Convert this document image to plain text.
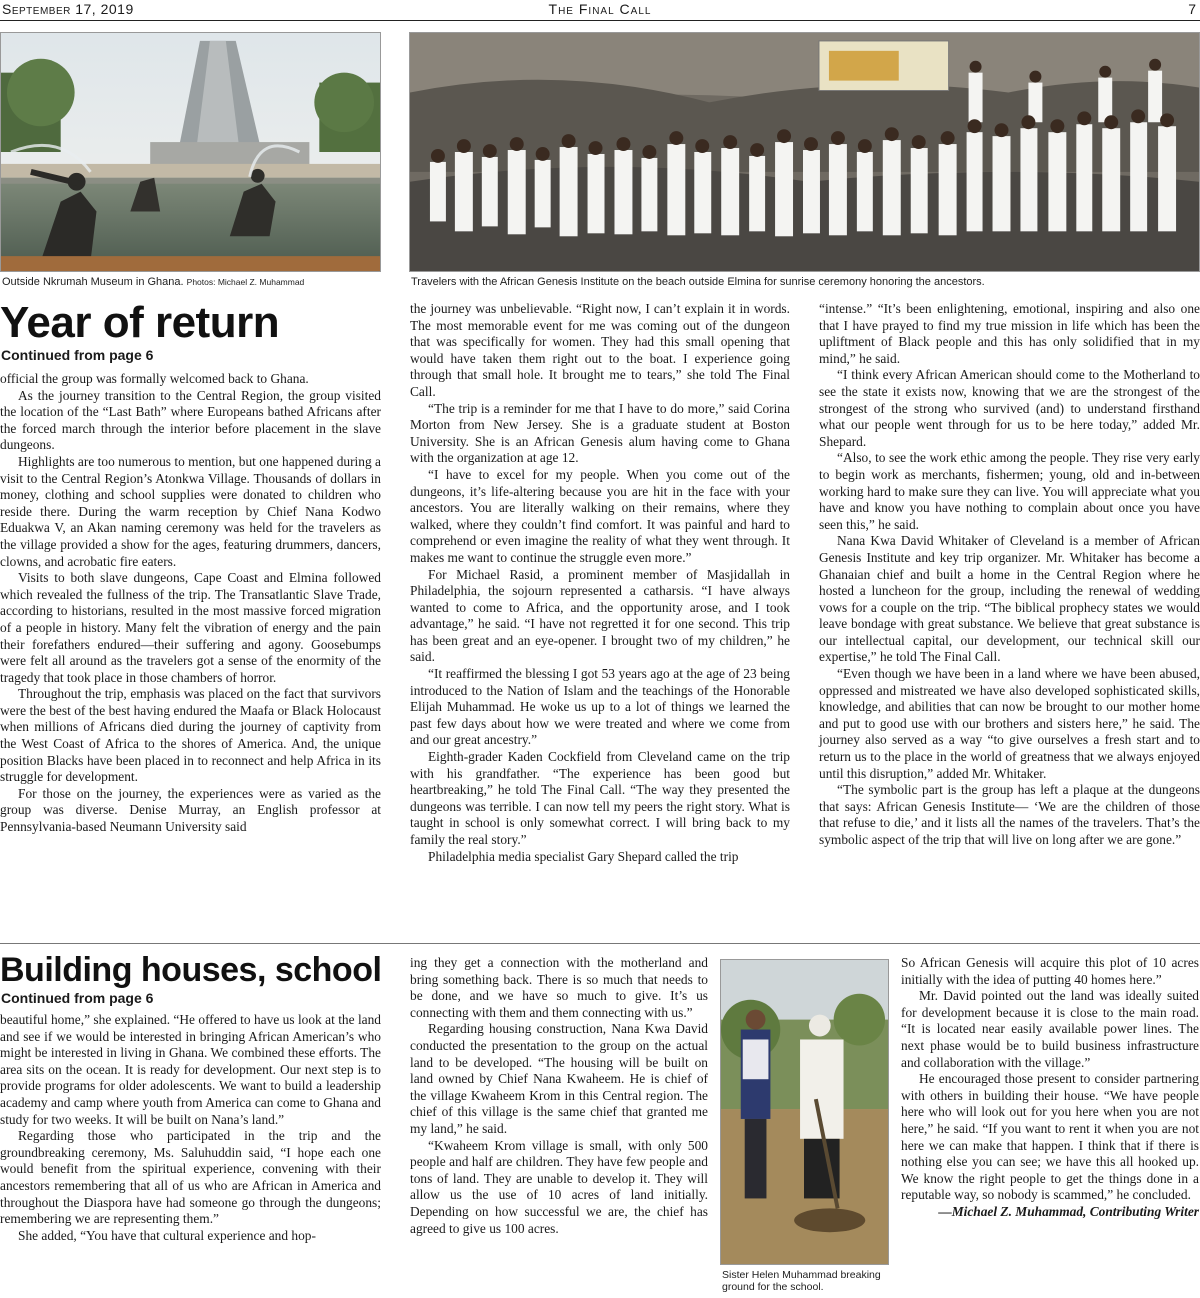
September 17, 2019	The Final Call	7
Outside Nkrumah Museum in Ghana. Photos: Michael Z. Muhammad	Travelers with the African Genesis Institute on the beach outside Elmina for sunrise ceremony honoring the ancestors.
Year of return
Continued from page 6

official the group was formally welcomed back to Ghana.

As the journey transition to the Central Region, the group visited the location of the “Last Bath” where Europeans bathed Africans after the forced march through the interior before placement in the slave dungeons.

Highlights are too numerous to mention, but one happened during a visit to the Central Region’s Atonkwa Village. Thousands of dollars in money, clothing and school supplies were donated to children who reside there. During the warm reception by Chief Nana Kodwo Eduakwa V, an Akan naming ceremony was held for the travelers as the village provided a show for the ages, featuring drummers, dancers, clowns, and acrobatic fire eaters.

Visits to both slave dungeons, Cape Coast and Elmina followed which revealed the fullness of the trip. The Transatlantic Slave Trade, according to historians, resulted in the most massive forced migration of a people in history. Many felt the vibration of energy and the pain their forefathers endured—their suffering and agony. Goosebumps were felt all around as the travelers got a sense of the enormity of the tragedy that took place in those chambers of horror.

Throughout the trip, emphasis was placed on the fact that survivors were the best of the best having endured the Maafa or Black Holocaust when millions of Africans died during the journey of captivity from the West Coast of Africa to the shores of America. And, the unique position Blacks have been placed in to reconnect and help Africa in its struggle for development.

For those on the journey, the experiences were as varied as the group was diverse. Denise Murray, an English professor at Pennsylvania-based Neumann University said

the journey was unbelievable. “Right now, I can’t explain it in words. The most memorable event for me was coming out of the dungeon that was specifically for women. They had this small opening that would have taken them right out to the boat. I experience going through that small hole. It brought me to tears,” she told The Final Call.

“The trip is a reminder for me that I have to do more,” said Corina Morton from New Jersey. She is a graduate student at Boston University. She is an African Genesis alum having come to Ghana with the organization at age 12.

“I have to excel for my people. When you come out of the dungeons, it’s life-altering because you are hit in the face with your ancestors. You are literally walking on their remains, where they walked, where they couldn’t find comfort. It was painful and hard to comprehend or even imagine the reality of what they went through. It makes me want to continue the struggle even more.”

For Michael Rasid, a prominent member of Masjidallah in Philadelphia, the sojourn represented a catharsis. “I have always wanted to come to Africa, and the opportunity arose, and I took advantage,” he said. “I have not regretted it for one second. This trip has been great and an eye-opener. I brought two of my children,” he said.

“It reaffirmed the blessing I got 53 years ago at the age of 23 being introduced to the Nation of Islam and the teachings of the Honorable Elijah Muhammad. He woke us up to a lot of things we learned the past few days about how we were treated and where we come from and our great ancestry.”

Eighth-grader Kaden Cockfield from Cleveland came on the trip with his grandfather. “The experience has been good but heartbreaking,” he told The Final Call. “The way they presented the dungeons was terrible. I can now tell my peers the right story. What is taught in school is only somewhat correct. I will bring back to my family the real story.”

Philadelphia media specialist Gary Shepard called the trip

“intense.” “It’s been enlightening, emotional, inspiring and also one that I have prayed to find my true mission in life which has been the upliftment of Black people and this has only solidified that in my mind,” he said.

“I think every African American should come to the Motherland to see the state it exists now, knowing that we are the strongest of the strongest of the strong who survived (and) to understand firsthand what our people went through for us to be here today,” added Mr. Shepard.

“Also, to see the work ethic among the people. They rise very early to begin work as merchants, fishermen; young, old and in-between working hard to make sure they can live. You will appreciate what you have and know you have nothing to complain about once you have seen this,” he said.

Nana Kwa David Whitaker of Cleveland is a member of African Genesis Institute and key trip organizer. Mr. Whitaker has become a Ghanaian chief and built a home in the Central Region where he hosted a luncheon for the group, including the renewal of wedding vows for a couple on the trip. “The biblical prophecy states we would leave bondage with great substance. We believe that great substance is our intellectual capital, our development, our technical skill our expertise,” he told The Final Call.

“Even though we have been in a land where we have been abused, oppressed and mistreated we have also developed sophisticated skills, knowledge, and abilities that can now be brought to our mother home and put to good use with our brothers and sisters here,” he said. The journey also served as a way “to give ourselves a fresh start and to return us to the place in the world of greatness that we always enjoyed until this disruption,” added Mr. Whitaker.

“The symbolic part is the group has left a plaque at the dungeons that says: African Genesis Institute— ‘We are the children of those that refuse to die,’ and it lists all the names of the travelers. That’s the symbolic aspect of the trip that will live on long after we are gone.”

Building houses, school
Continued from page 6

beautiful home,” she explained. “He offered to have us look at the land and see if we would be interested in bringing African American’s who might be interested in living in Ghana. We combined these efforts. The area sits on the ocean. It is ready for development. Our next step is to provide programs for older adolescents. We want to build a leadership academy and camp where youth from America can come to Ghana and study for two weeks. It will be built on Nana’s land.”

Regarding those who participated in the trip and the groundbreaking ceremony, Ms. Saluhuddin said, “I hope each one would benefit from the spiritual experience, convening with their ancestors remembering that all of us who are African in America and throughout the Diaspora have had someone go through the dungeons; remembering we are representing them.”

She added, “You have that cultural experience and hop-

ing they get a connection with the motherland and bring something back. There is so much that needs to be done, and we have so much to give. It’s us connecting with them and them connecting with us.”

Regarding housing construction, Nana Kwa David conducted the presentation to the group on the actual land to be developed. “The housing will be built on land owned by Chief Nana Kwaheem. He is chief of the village Kwaheem Krom in this Central region. The chief of this village is the same chief that granted me my land,” he said.

“Kwaheem Krom village is small, with only 500 people and half are children. They have few people and tons of land. They are unable to develop it. They will allow us the use of 10 acres of land initially. Depending on how successful we are, the chief has agreed to give us 100 acres.

Sister Helen Muhammad breaking ground for the school.

So African Genesis will acquire this plot of 10 acres initially with the idea of putting 40 homes here.”

Mr. David pointed out the land was ideally suited for development because it is close to the main road. “It is located near easily available power lines. The next phase would be to build business infrastructure and collaboration with the village.”

He encouraged those present to consider partnering with others in building their house. “We have people here who will look out for you here when you are not here,” he said. “If you want to rent it when you are not here we can make that happen. I think that if there is nothing else you can see; we have this all hooked up. We know the right people to get the things done in a reputable way, so nobody is scammed,” he concluded.

—Michael Z. Muhammad, Contributing Writer
